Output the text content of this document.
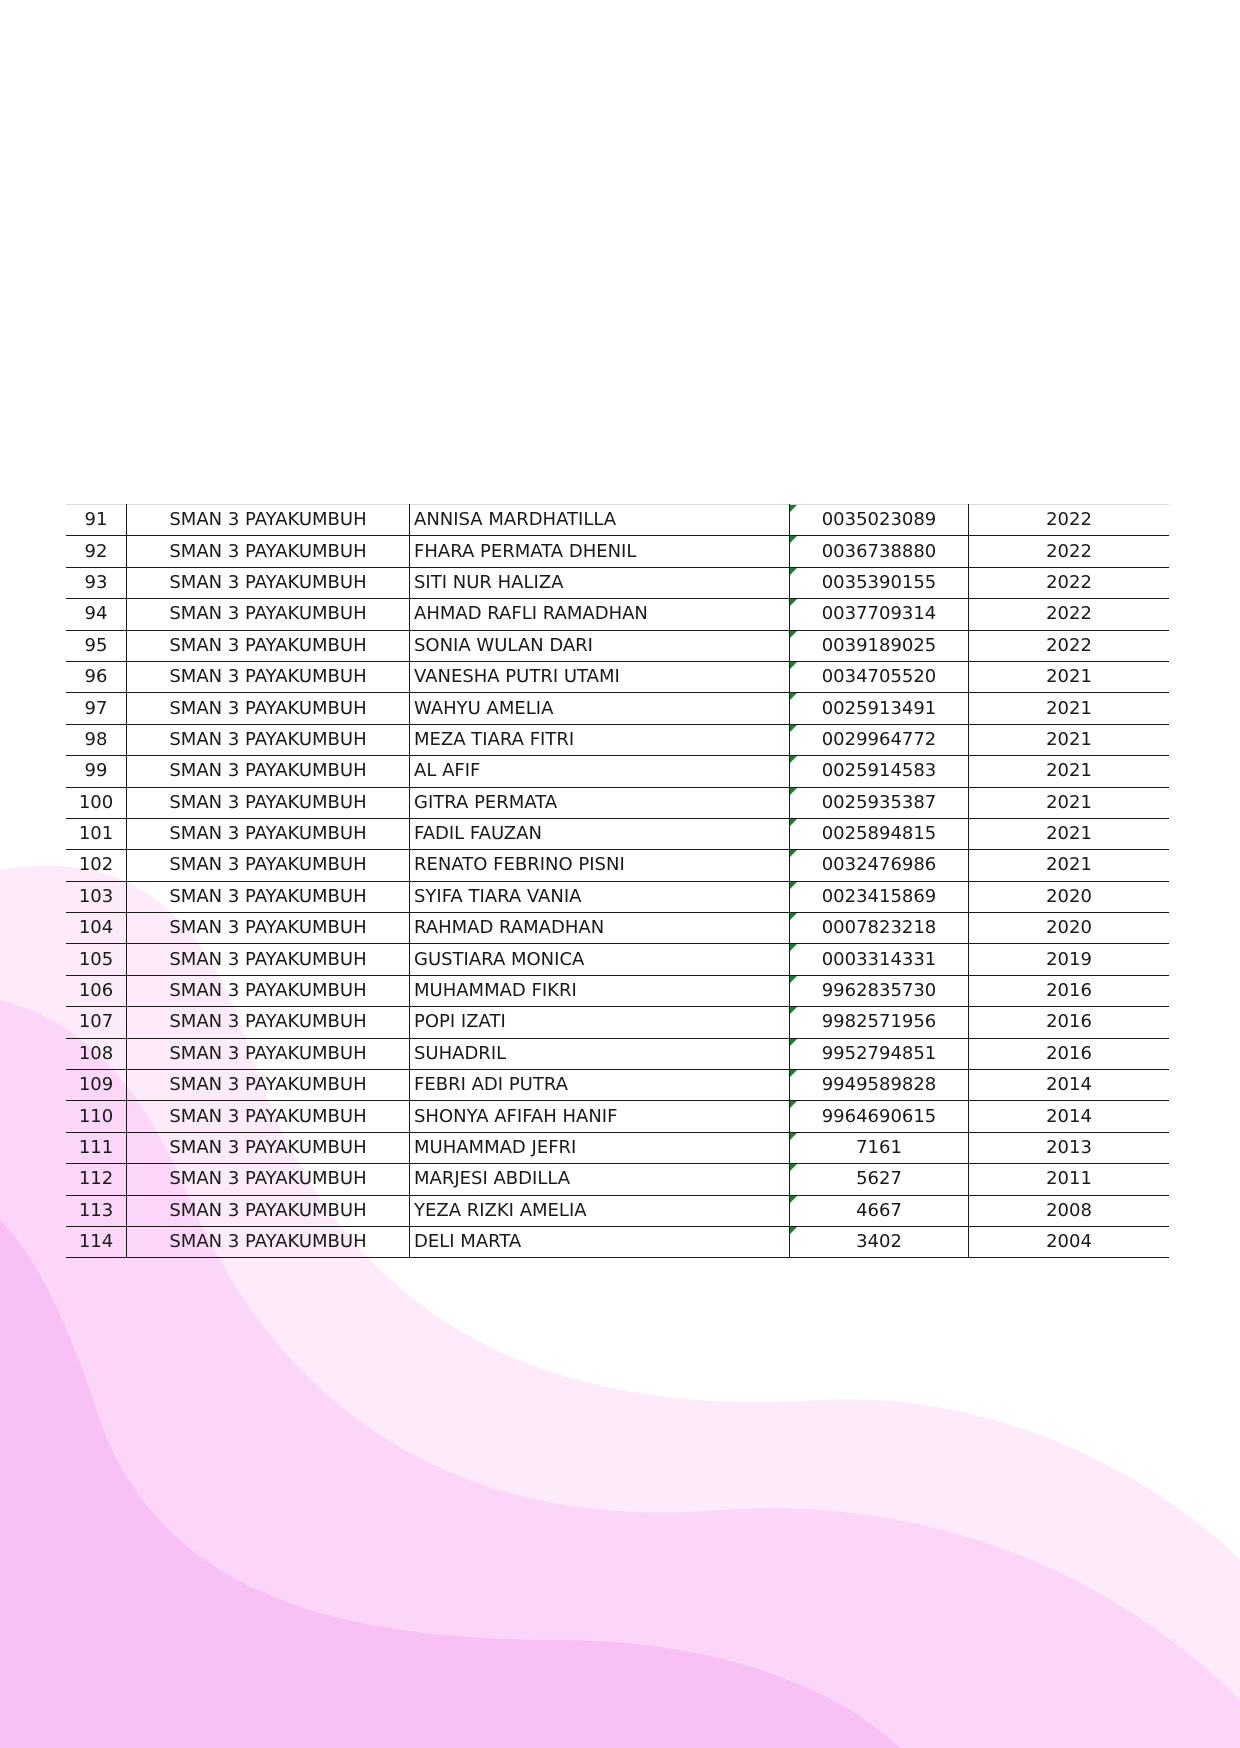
91	SMAN 3 PAYAKUMBUH	ANNISA MARDHATILLA	0035023089	2022
92	SMAN 3 PAYAKUMBUH	FHARA PERMATA DHENIL	0036738880	2022
93	SMAN 3 PAYAKUMBUH	SITI NUR HALIZA	0035390155	2022
94	SMAN 3 PAYAKUMBUH	AHMAD RAFLI RAMADHAN	0037709314	2022
95	SMAN 3 PAYAKUMBUH	SONIA WULAN DARI	0039189025	2022
96	SMAN 3 PAYAKUMBUH	VANESHA PUTRI UTAMI	0034705520	2021
97	SMAN 3 PAYAKUMBUH	WAHYU AMELIA	0025913491	2021
98	SMAN 3 PAYAKUMBUH	MEZA TIARA FITRI	0029964772	2021
99	SMAN 3 PAYAKUMBUH	AL AFIF	0025914583	2021
100	SMAN 3 PAYAKUMBUH	GITRA PERMATA	0025935387	2021
101	SMAN 3 PAYAKUMBUH	FADIL FAUZAN	0025894815	2021
102	SMAN 3 PAYAKUMBUH	RENATO FEBRINO PISNI	0032476986	2021
103	SMAN 3 PAYAKUMBUH	SYIFA TIARA VANIA	0023415869	2020
104	SMAN 3 PAYAKUMBUH	RAHMAD RAMADHAN	0007823218	2020
105	SMAN 3 PAYAKUMBUH	GUSTIARA MONICA	0003314331	2019
106	SMAN 3 PAYAKUMBUH	MUHAMMAD FIKRI	9962835730	2016
107	SMAN 3 PAYAKUMBUH	POPI IZATI	9982571956	2016
108	SMAN 3 PAYAKUMBUH	SUHADRIL	9952794851	2016
109	SMAN 3 PAYAKUMBUH	FEBRI ADI PUTRA	9949589828	2014
110	SMAN 3 PAYAKUMBUH	SHONYA AFIFAH HANIF	9964690615	2014
111	SMAN 3 PAYAKUMBUH	MUHAMMAD JEFRI	7161	2013
112	SMAN 3 PAYAKUMBUH	MARJESI ABDILLA	5627	2011
113	SMAN 3 PAYAKUMBUH	YEZA RIZKI AMELIA	4667	2008
114	SMAN 3 PAYAKUMBUH	DELI MARTA	3402	2004
